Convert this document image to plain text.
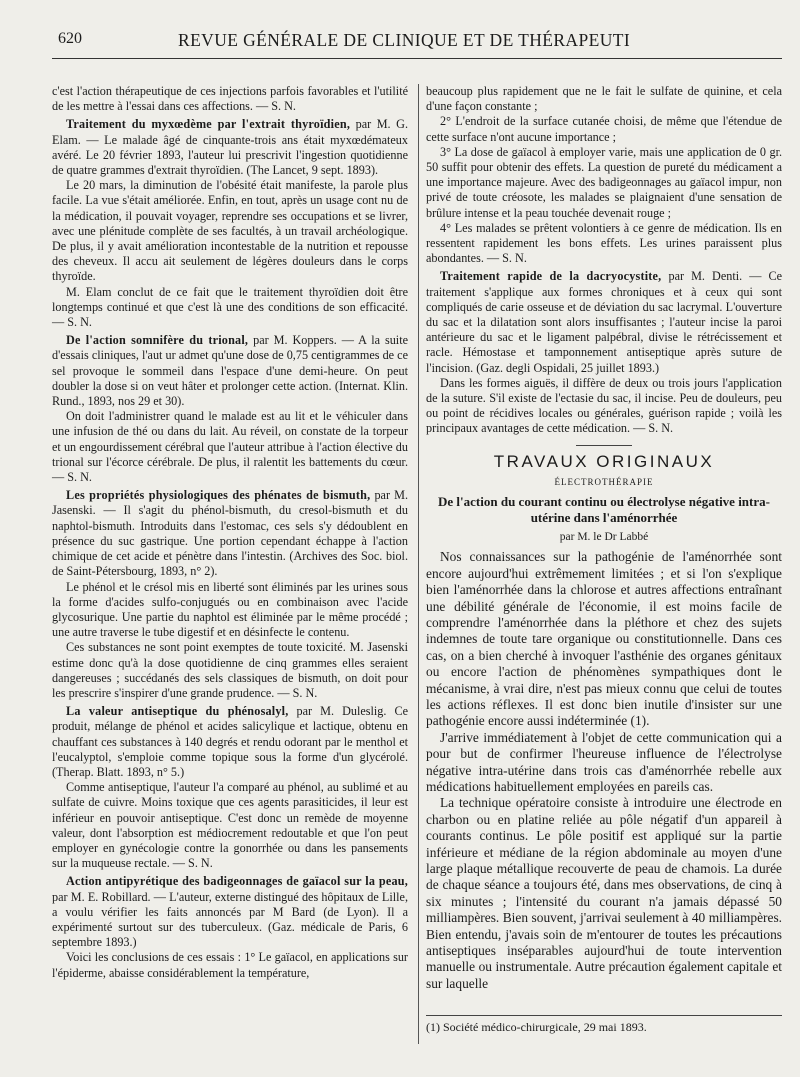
620	REVUE GÉNÉRALE DE CLINIQUE ET DE THÉRAPEUTI

c'est l'action thérapeutique de ces injections parfois favorables et l'utilité de les mettre à l'essai dans ces affections. — S. N.

Traitement du myxœdème par l'extrait thyroïdien, par M. G. Elam. — Le malade âgé de cinquante-trois ans était myxœdémateux avéré. Le 20 février 1893, l'auteur lui prescrivit l'ingestion quotidienne de quatre grammes d'extrait thyroïdien. (The Lancet, 9 sept. 1893).

Le 20 mars, la diminution de l'obésité était manifeste, la parole plus facile. La vue s'était améliorée. Enfin, en tout, après un usage cont nu de la médication, il pouvait voyager, reprendre ses occupations et se livrer, avec une plénitude complète de ses facultés, à un travail archéologique. De plus, il y avait amélioration incontestable de la nutrition et repousse des cheveux. Il accu ait seulement de légères douleurs dans le corps thyroïde.

M. Elam conclut de ce fait que le traitement thyroïdien doit être longtemps continué et que c'est là une des conditions de son efficacité. — S. N.

De l'action somnifère du trional, par M. Koppers. — A la suite d'essais cliniques, l'aut ur admet qu'une dose de 0,75 centigrammes de ce sel provoque le sommeil dans l'espace d'une demi-heure. On peut doubler la dose si on veut hâter et prolonger cette action. (Internat. Klin. Rund., 1893, nos 29 et 30).

On doit l'administrer quand le malade est au lit et le véhiculer dans une infusion de thé ou dans du lait. Au réveil, on constate de la torpeur et un engourdissement cérébral que l'auteur attribue à l'action élective du trional sur l'écorce cérébrale. De plus, il ralentit les battements du cœur. — S. N.

Les propriétés physiologiques des phénates de bismuth, par M. Jasenski. — Il s'agit du phénol-bismuth, du cresol-bismuth et du naphtol-bismuth. Introduits dans l'estomac, ces sels s'y dédoublent en présence du suc gastrique. Une portion cependant échappe à l'action chimique de cet acide et pénètre dans l'intestin. (Archives des Soc. biol. de Saint-Pétersbourg, 1893, n° 2).

Le phénol et le crésol mis en liberté sont éliminés par les urines sous la forme d'acides sulfo-conjugués ou en combinaison avec l'acide glycosurique. Une partie du naphtol est éliminée par le même procédé ; une autre traverse le tube digestif et en désinfecte le contenu.

Ces substances ne sont point exemptes de toute toxicité. M. Jasenski estime donc qu'à la dose quotidienne de cinq grammes elles seraient dangereuses ; succédanés des sels classiques de bismuth, on doit pour les prescrire s'inspirer d'une grande prudence. — S. N.

La valeur antiseptique du phénosalyl, par M. Duleslig. Ce produit, mélange de phénol et acides salicylique et lactique, obtenu en chauffant ces substances à 140 degrés et rendu odorant par le menthol et l'eucalyptol, s'emploie comme topique sous la forme d'un glycérolé. (Therap. Blatt. 1893, n° 5.)

Comme antiseptique, l'auteur l'a comparé au phénol, au sublimé et au sulfate de cuivre. Moins toxique que ces agents parasiticides, il leur est inférieur en pouvoir antiseptique. C'est donc un remède de moyenne valeur, dont l'absorption est médiocrement redoutable et que l'on peut employer en gynécologie contre la gonorrhée ou dans les pansements sur la muqueuse rectale. — S. N.

Action antipyrétique des badigeonnages de gaïacol sur la peau, par M. E. Robillard. — L'auteur, externe distingué des hôpitaux de Lille, a voulu vérifier les faits annoncés par M Bard (de Lyon). Il a expérimenté surtout sur des tuberculeux. (Gaz. médicale de Paris, 6 septembre 1893.)

Voici les conclusions de ces essais : 1° Le gaïacol, en applications sur l'épiderme, abaisse considérablement la température,

beaucoup plus rapidement que ne le fait le sulfate de quinine, et cela d'une façon constante ;

2° L'endroit de la surface cutanée choisi, de même que l'étendue de cette surface n'ont aucune importance ;

3° La dose de gaïacol à employer varie, mais une application de 0 gr. 50 suffit pour obtenir des effets. La question de pureté du médicament a une importance majeure. Avec des badigeonnages au gaïacol impur, non privé de toute créosote, les malades se plaignaient d'une sensation de brûlure intense et la peau touchée devenait rouge ;

4° Les malades se prêtent volontiers à ce genre de médication. Ils en ressentent rapidement les bons effets. Les urines paraissent plus abondantes. — S. N.

Traitement rapide de la dacryocystite, par M. Denti. — Ce traitement s'applique aux formes chroniques et à ceux qui sont compliqués de carie osseuse et de déviation du sac lacrymal. L'ouverture du sac et la dilatation sont alors insuffisantes ; l'auteur incise la paroi antérieure du sac et le ligament palpébral, divise le rétrécissement et racle. Hémostase et tamponnement antiseptique après suture de l'incision. (Gaz. degli Ospidali, 25 juillet 1893.)

Dans les formes aiguës, il diffère de deux ou trois jours l'application de la suture. S'il existe de l'ectasie du sac, il incise. Peu de douleurs, peu ou point de récidives locales ou générales, guérison rapide ; voilà les principaux avantages de cette médication. — S. N.

TRAVAUX ORIGINAUX
ÉLECTROTHÉRAPIE
De l'action du courant continu ou électrolyse négative intra-utérine dans l'aménorrhée
par M. le Dr Labbé

Nos connaissances sur la pathogénie de l'aménorrhée sont encore aujourd'hui extrêmement limitées ; et si l'on s'explique bien l'aménorrhée dans la chlorose et autres affections entraînant une débilité générale de l'économie, il est moins facile de comprendre l'aménorrhée dans la pléthore et chez des sujets indemnes de toute tare organique ou constitutionnelle. Dans ces cas, on a bien cherché à invoquer l'asthénie des organes génitaux ou encore l'action de phénomènes sympathiques dont le mécanisme, à vrai dire, n'est pas mieux connu que celui de toutes les actions réflexes. Il est donc bien inutile d'insister sur une pathogénie encore aussi indéterminée (1).

J'arrive immédiatement à l'objet de cette communication qui a pour but de confirmer l'heureuse influence de l'électrolyse négative intra-utérine dans trois cas d'aménorrhée rebelle aux médications habituellement employées en pareils cas.

La technique opératoire consiste à introduire une électrode en charbon ou en platine reliée au pôle négatif d'un appareil à courants continus. Le pôle positif est appliqué sur la partie inférieure et médiane de la région abdominale au moyen d'une large plaque métallique recouverte de peau de chamois. La durée de chaque séance a toujours été, dans mes observations, de cinq à six minutes ; l'intensité du courant n'a jamais dépassé 50 milliampères. Bien souvent, j'arrivai seulement à 40 milliampères. Bien entendu, j'avais soin de m'entourer de toutes les précautions antiseptiques inséparables aujourd'hui de toute intervention manuelle ou instrumentale. Autre précaution également capitale et sur laquelle

(1) Société médico-chirurgicale, 29 mai 1893.
